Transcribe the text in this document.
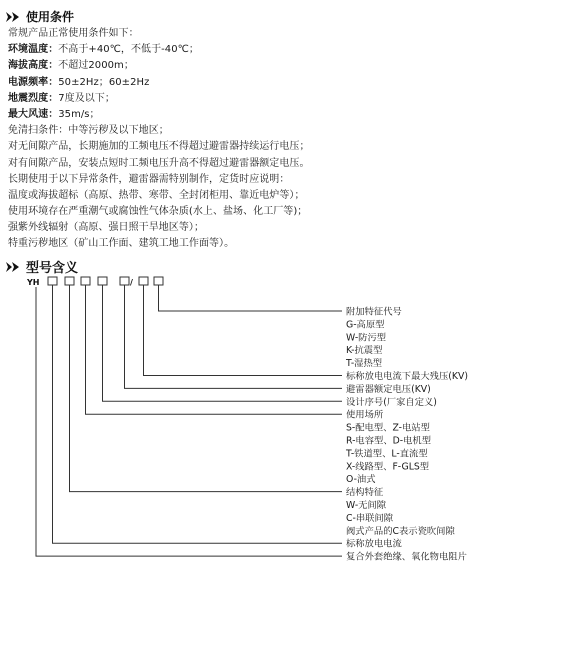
使用条件
常规产品正常使用条件如下：
环境温度：不高于+40℃，不低于-40℃；
海拔高度：不超过2000m；
电源频率：50±2Hz；60±2Hz
地震烈度：7度及以下；
最大风速：35m/s；
免清扫条件：中等污秽及以下地区；
对无间隙产品，长期施加的工频电压不得超过避雷器持续运行电压；
对有间隙产品，安装点短时工频电压升高不得超过避雷器额定电压。
长期使用于以下异常条件，避雷器需特别制作，定货时应说明：
温度或海拔超标（高原、热带、寒带、全封闭柜用、靠近电炉等）；
使用环境存在严重潮气或腐蚀性气体杂质(水上、盐场、化工厂等)；
强紫外线辐射（高原、强日照干旱地区等）；
特重污秽地区（矿山工作面、建筑工地工作面等）。
型号含义
YH	/
附加特征代号
G-高原型
W-防污型
K-抗震型
T-湿热型
标称放电电流下最大残压(KV)
避雷器额定电压(KV)
设计序号(厂家自定义)
使用场所
S-配电型、Z-电站型
R-电容型、D-电机型
T-铁道型、L-直流型
X-线路型、F-GLS型
O-油式
结构特征
W-无间隙
C-串联间隙
阀式产品的C表示瓷吹间隙
标称放电电流
复合外套绝缘、氧化物电阻片
